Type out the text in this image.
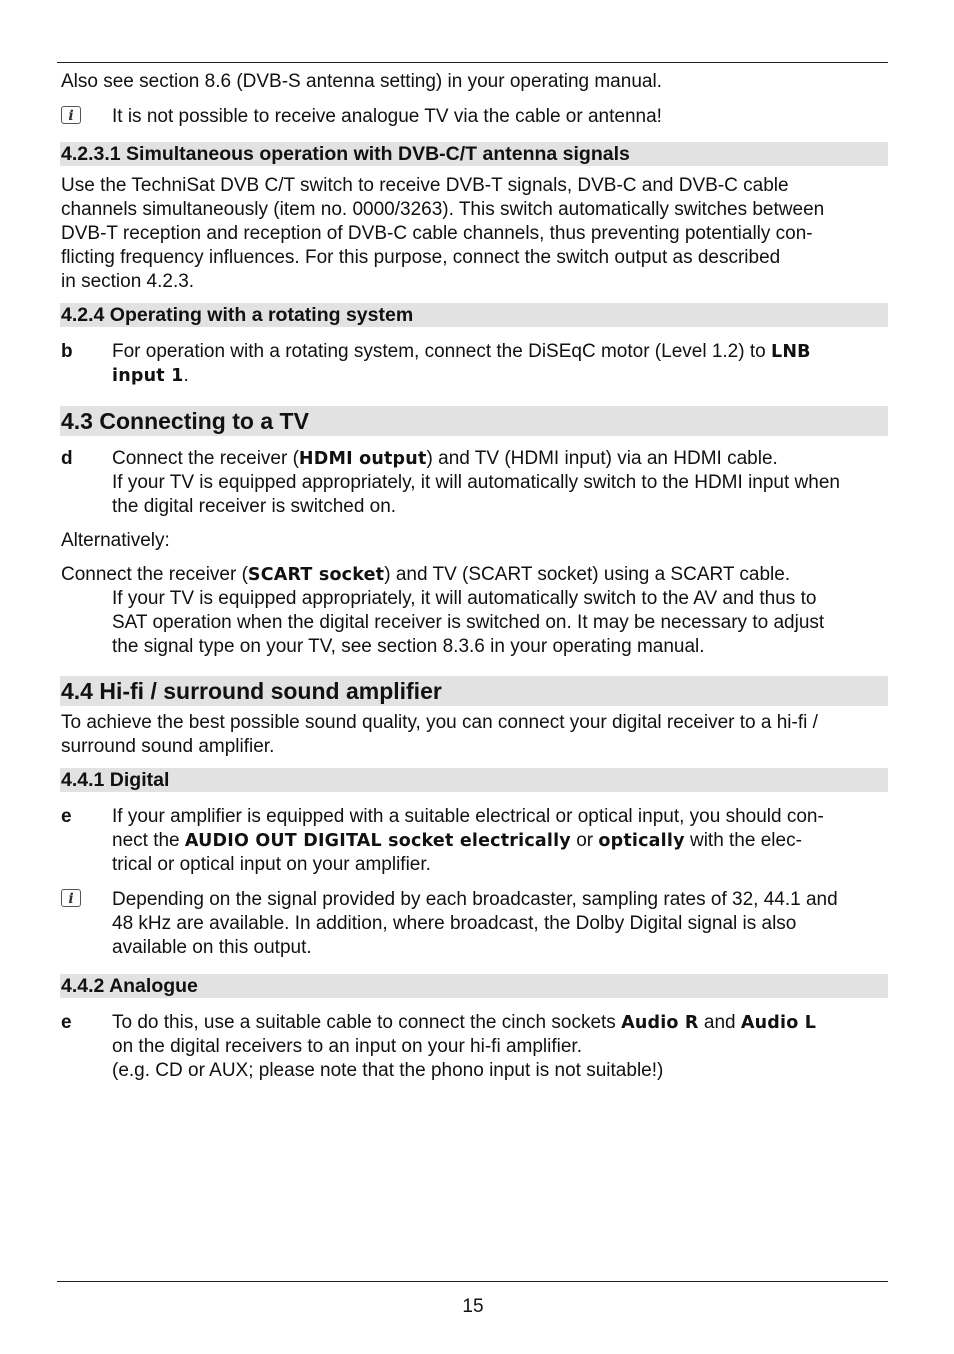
Also see section 8.6 (DVB-S antenna setting) in your operating manual.

i	It is not possible to receive analogue TV via the cable or antenna!
4.2.3.1 Simultaneous operation with DVB-C/T antenna signals
Use the TechniSat DVB C/T switch to receive DVB-T signals, DVB-C and DVB-C cable
channels simultaneously (item no. 0000/3263). This switch automatically switches between
DVB-T reception and reception of DVB-C cable channels, thus preventing potentially con-
flicting frequency influences. For this purpose, connect the switch output as described
in section 4.2.3.
4.2.4 Operating with a rotating system
b	For operation with a rotating system, connect the DiSEqC motor (Level 1.2) to LNB
input 1.
4.3 Connecting to a TV
d	Connect the receiver (HDMI output) and TV (HDMI input) via an HDMI cable.
If your TV is equipped appropriately, it will automatically switch to the HDMI input when
the digital receiver is switched on.

Alternatively:

Connect the receiver (SCART socket) and TV (SCART socket) using a SCART cable.
If your TV is equipped appropriately, it will automatically switch to the AV and thus to
SAT operation when the digital receiver is switched on. It may be necessary to adjust
the signal type on your TV, see section 8.3.6 in your operating manual.
4.4 Hi-fi / surround sound amplifier
To achieve the best possible sound quality, you can connect your digital receiver to a hi-fi /
surround sound amplifier.
4.4.1 Digital
e	If your amplifier is equipped with a suitable electrical or optical input, you should con-
nect the AUDIO OUT DIGITAL socket electrically or optically with the elec-
trical or optical input on your amplifier.
i	Depending on the signal provided by each broadcaster, sampling rates of 32, 44.1 and
48 kHz are available. In addition, where broadcast, the Dolby Digital signal is also
available on this output.
4.4.2 Analogue
e	To do this, use a suitable cable to connect the cinch sockets Audio R and Audio L
on the digital receivers to an input on your hi-fi amplifier.
(e.g. CD or AUX; please note that the phono input is not suitable!)
15
